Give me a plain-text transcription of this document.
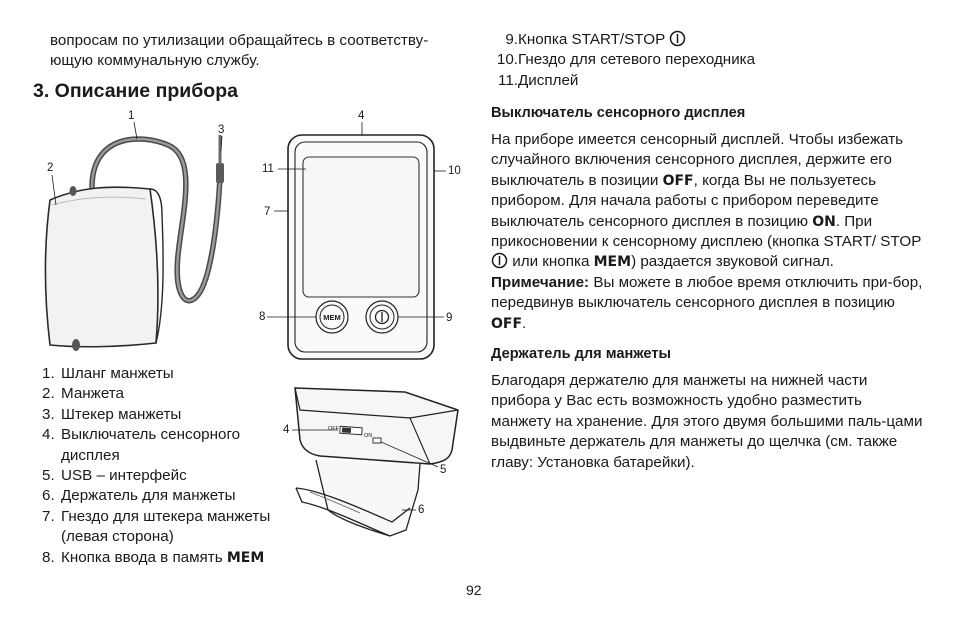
вопросам по утилизации обращайтесь в соответству-
ющую коммунальную службу.
3. Описание прибора
1
3
2
4
11	10
7
MEM
8	9
OFF
ON
4
5
6
1. Шланг манжеты
2. Манжета
3. Штекер манжеты
4. Выключатель сенсорного дисплея
5. USB – интерфейс
6. Держатель для манжеты
7. Гнездо для штекера манжеты (левая сторона)
8. Кнопка ввода в память MEM
9. Кнопка START/STOP
10. Гнездо для сетевого переходника
11. Дисплей

Выключатель сенсорного дисплея

На приборе имеется сенсорный дисплей. Чтобы избежать случайного включения сенсорного дисплея, держите его выключатель в позиции OFF, когда Вы не пользуетесь прибором. Для начала работы с прибором переведите выключатель сенсорного дисплея в позицию ON. При прикосновении к сенсорному дисплею (кнопка START/ STOP  или кнопка MEM) раздается звуковой сигнал. Примечание: Вы можете в любое время отключить при-бор, передвинув выключатель сенсорного дисплея в позицию OFF.

Держатель для манжеты

Благодаря держателю для манжеты на нижней части прибора у Вас есть возможность удобно разместить манжету на хранение. Для этого двумя большими паль-цами выдвиньте держатель для манжеты до щелчка (см. также главу: Установка батарейки).

92
